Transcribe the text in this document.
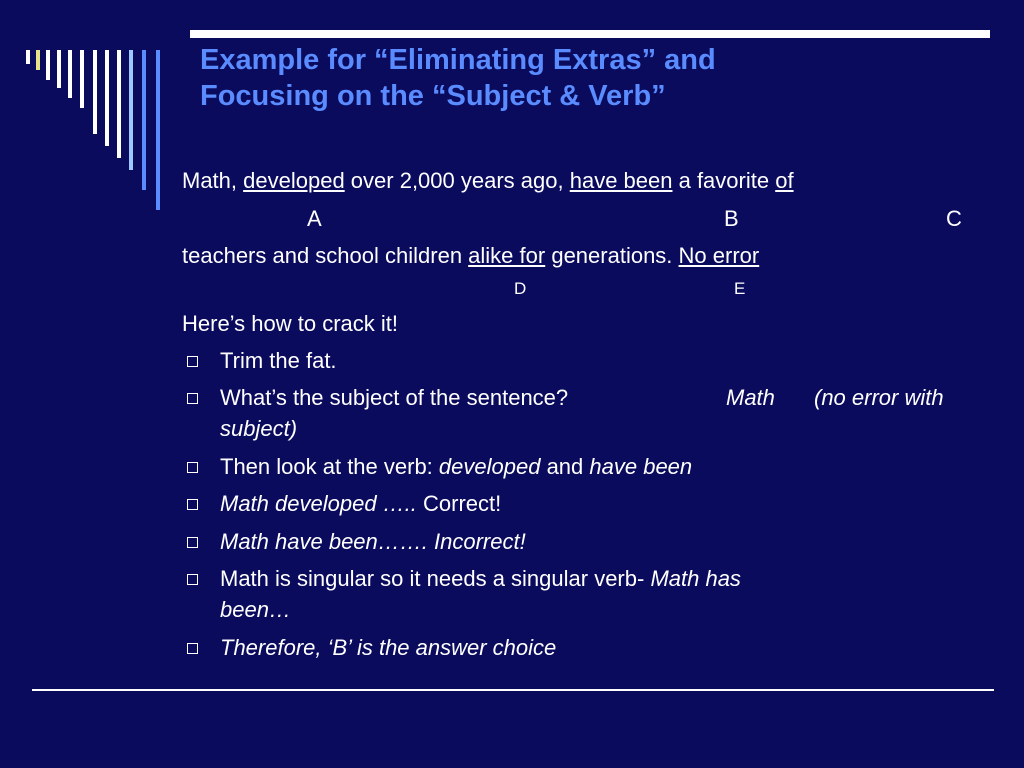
Example for “Eliminating Extras” and
Focusing on the “Subject & Verb”
Math, developed over 2,000 years ago, have been a favorite of
A	B	C
teachers and school children alike for generations. No error
D	E
Here’s how to crack it!
Trim the fat.
What’s the subject of the sentence?	Math (no error with
subject)
Then look at the verb: developed and have been
Math developed ….. Correct!
Math have been……. Incorrect!
Math is singular so it needs a singular verb- Math has
been…
Therefore, ‘B’ is the answer choice
